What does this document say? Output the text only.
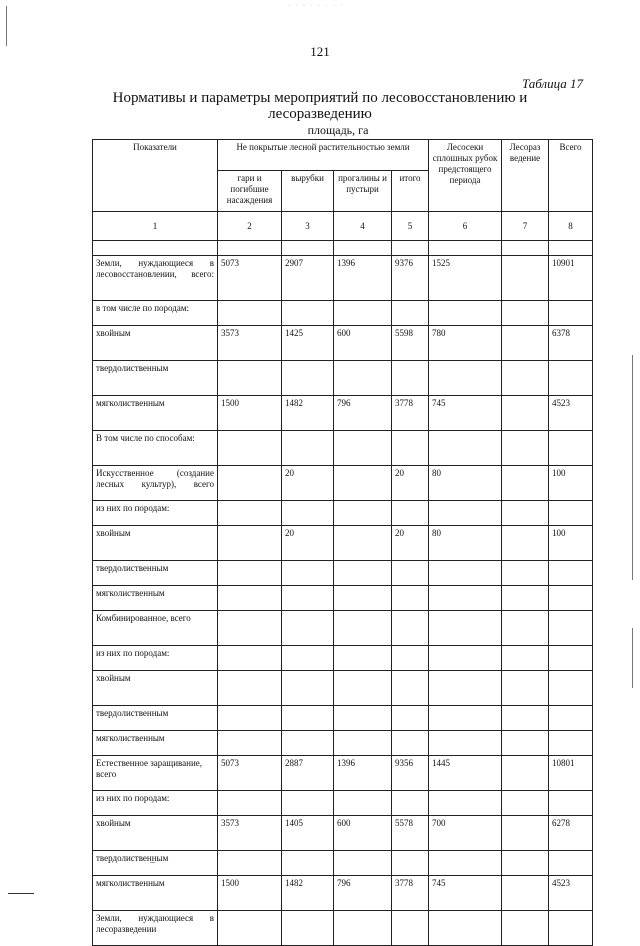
· · · · · · · ·
121
Таблица 17
Нормативы и параметры мероприятий по лесовосстановлению и лесоразведению
площадь, га
Показатели	Не покрытые лесной растительностью земли				Лесосеки сплошных рубок предстоящего периода	Лесораз ведение	Всего
	гари и погибшие насаждения	вырубки	прогалины и пустыри	итого			
1	2	3	4	5	6	7	8

Земли, нуждающиеся в лесовосстановлении, всего:	5073	2907	1396	9376	1525		10901
в том числе по породам:							
хвойным	3573	1425	600	5598	780		6378
твердолиственным							
мягколиственным	1500	1482	796	3778	745		4523
В том числе по способам:							
Искусственное (создание лесных культур), всего		20		20	80		100
из них по породам:							
хвойным		20		20	80		100
твердолиственным							
мягколиственным							
Комбинированное, всего							
из них по породам:							
хвойным							
твердолиственным							
мягколиственным							
Естественное заращивание, всего	5073	2887	1396	9356	1445		10801
из них по породам:							
хвойным	3573	1405	600	5578	700		6278
твердолиственным							
мягколиственным	1500	1482	796	3778	745		4523
Земли, нуждающиеся в лесоразведении							
